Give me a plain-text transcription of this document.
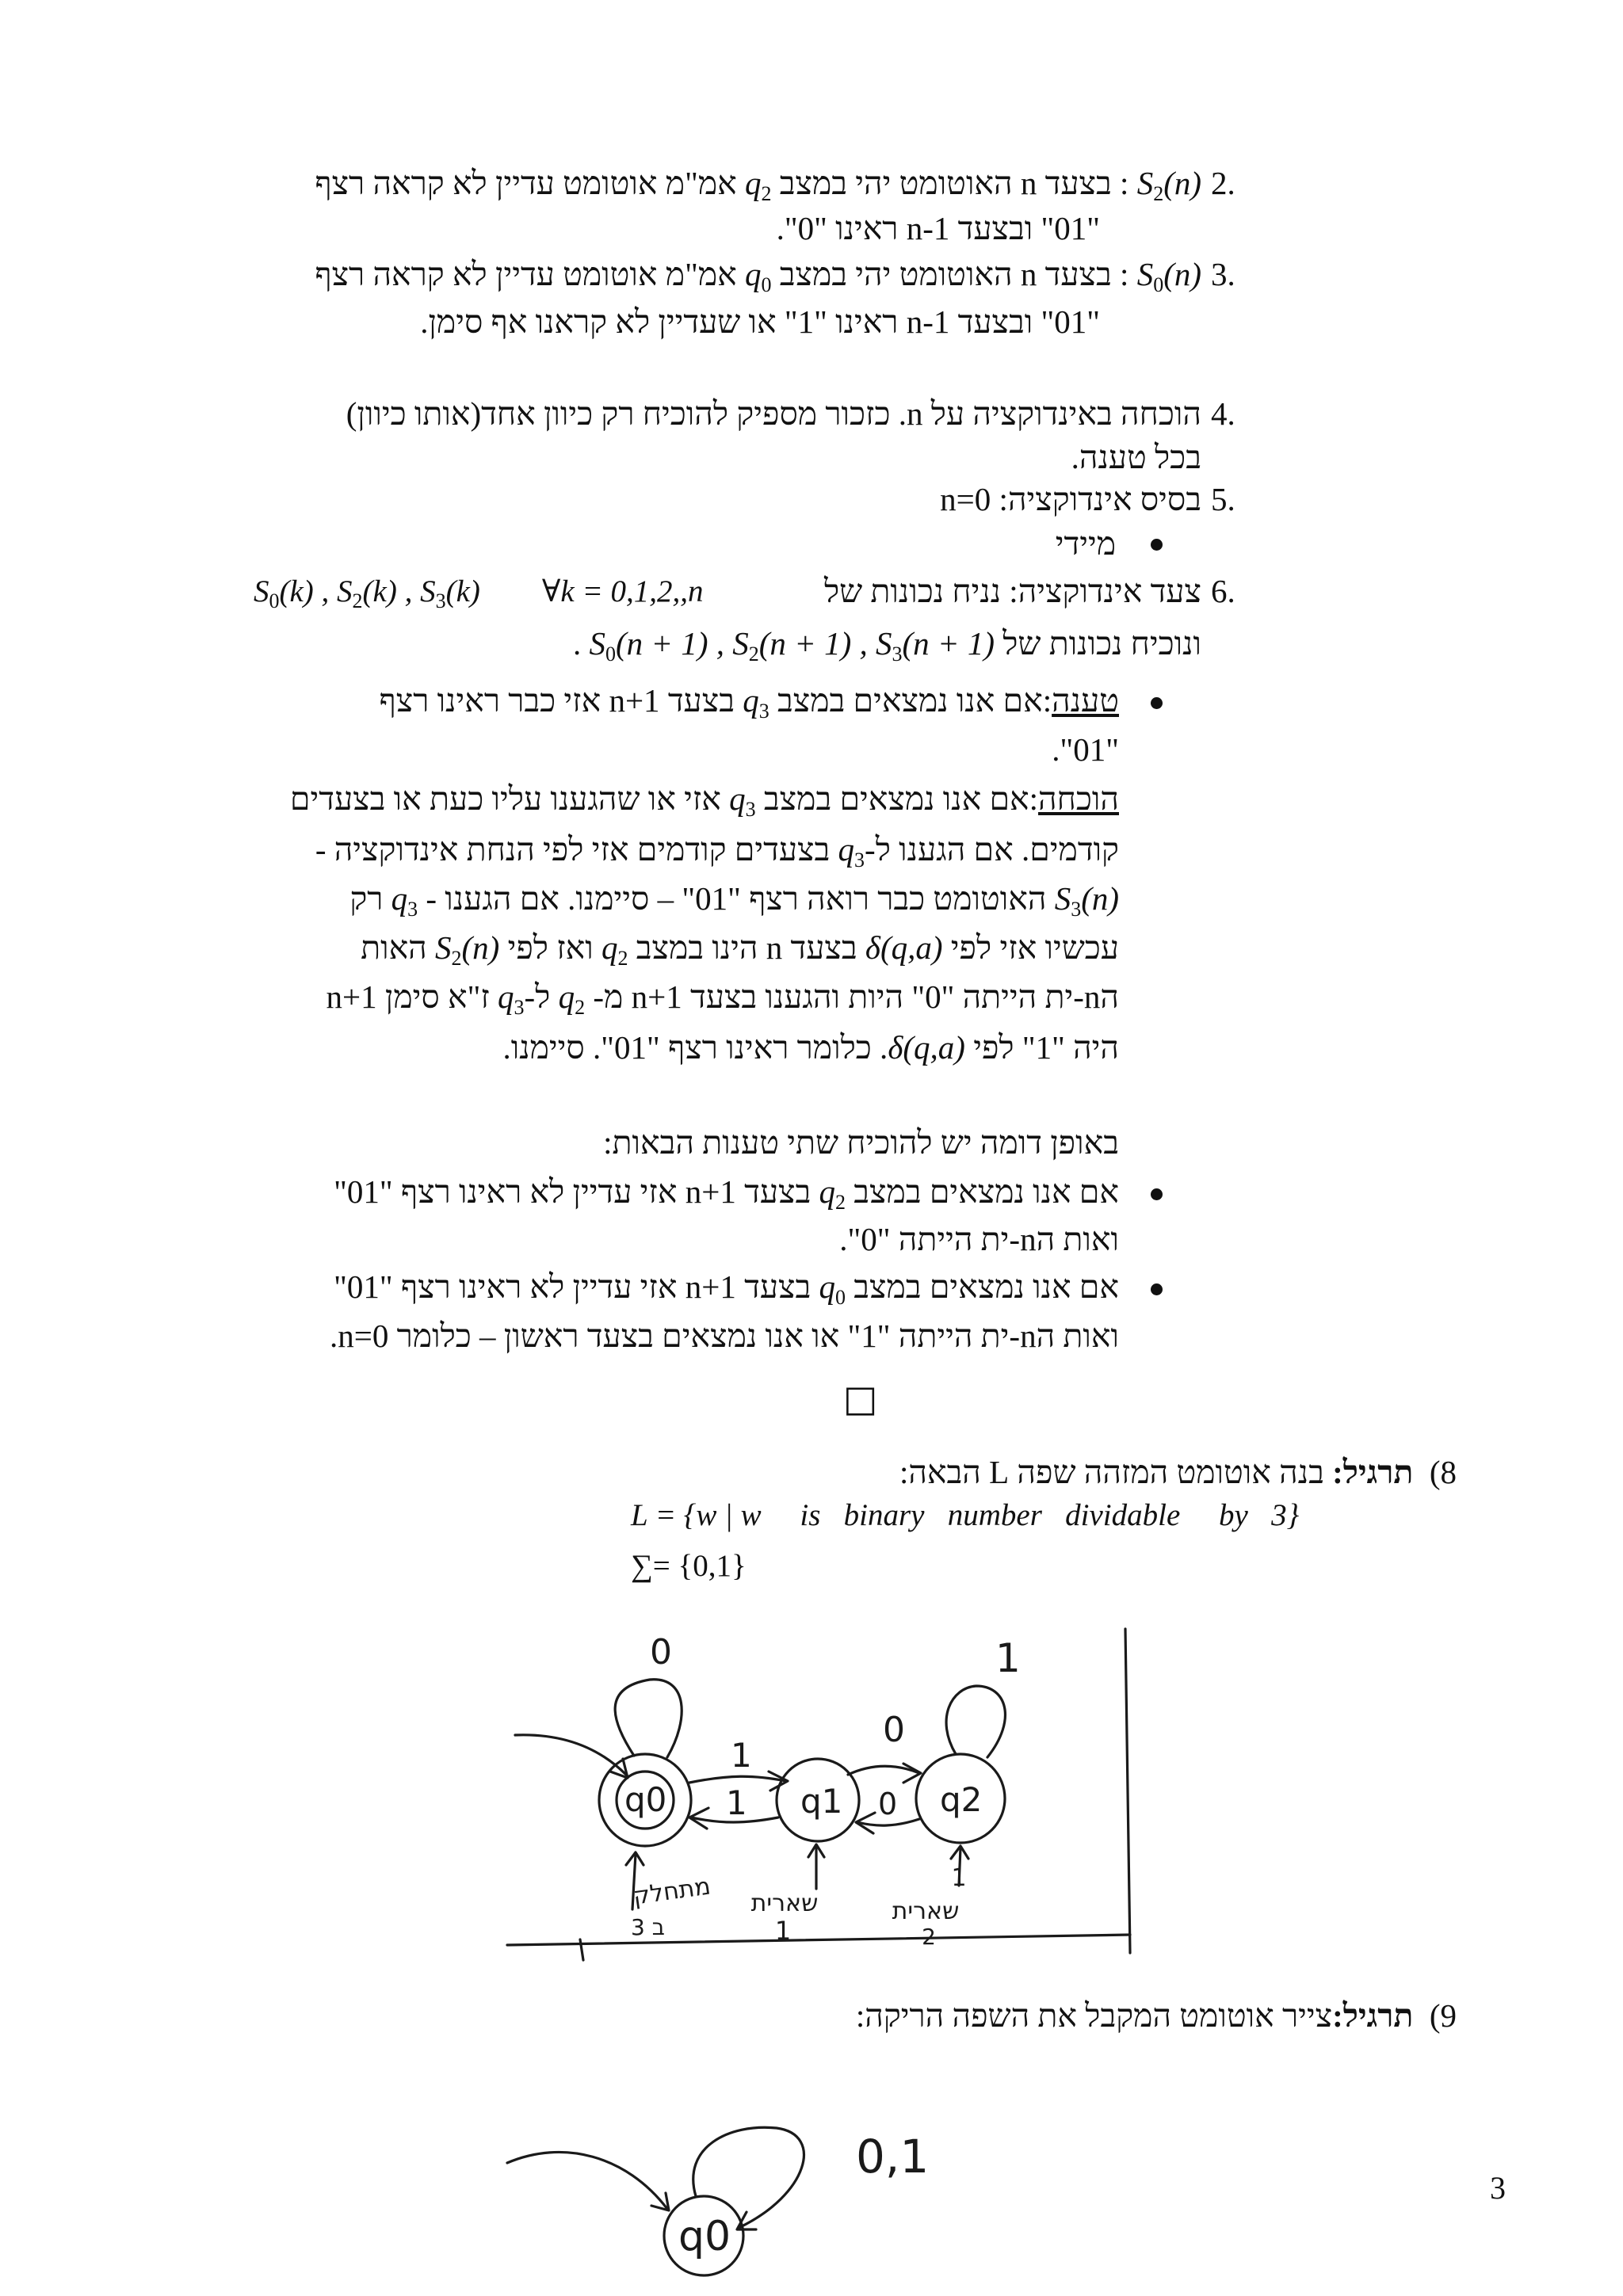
2.
$S_2(n)$ : בצעד n האוטומט יהי במצב $q_2$ אמ"מ אוטומט עדיין לא קראה רצף
"01" ובצעד n-1 ראינו "0".
3.
$S_0(n)$ : בצעד n האוטומט יהי במצב $q_0$ אמ"מ אוטומט עדיין לא קראה רצף
"01" ובצעד n-1 ראינו "1" או שעדיין לא קראנו אף סימן.
4.
הוכחה באינדוקציה על n. כזכור מספיק להוכיח רק כיוון אחד(אותו כיוון)
בכל טענה.
5.
בסיס אינדוקציה: n=0
מיידי
6.
צעד אינדוקציה: נניח נכונות של
$S_0(k)$ , $S_2(k)$ , $S_3(k)$        ∀k = 0,1,2,,n
ונוכיח נכונות של $S_0(n + 1)$ , $S_2(n + 1)$ , $S_3(n + 1)$ .
טענה:אם אנו נמצאים במצב $q_3$ בצעד n+1 אזי כבר ראינו רצף
"01".
הוכחה:אם אנו נמצאים במצב $q_3$ אזי או שהגענו עליו כעת או בצעדים
קודמים. אם הגענו $ל-q_3$ בצעדים קודמים אזי לפי הנחת אינדוקציה -
$S_3(n)$ האוטומט כבר רואה רצף "01" – סיימנו. אם הגענו - $q_3$ רק
עכשיו אזי לפי δ(q,a) בצעד n הינו במצב $q_2$ ואז לפי $S_2(n)$ האות
הn-ית הייתה "0" היות והגענו בצעד n+1 מ- $q_2$ $ל-q_3$ ז"א סימן n+1
היה "1" לפי δ(q,a). כלומר ראינו רצף "01". סיימנו.
באופן דומה יש להוכיח שתי טענות הבאות:
אם אנו נמצאים במצב $q_2$ בצעד n+1 אזי עדיין לא ראינו רצף "01"
ואות הn-ית הייתה "0".
אם אנו נמצאים במצב $q_0$ בצעד n+1 אזי עדיין לא ראינו רצף "01"
ואות הn-ית הייתה "1" או אנו נמצאים בצעד ראשון – כלומר n=0.
□
8)  תרגיל: בנה אוטומט המזהה שפה L הבאה:
L = {w | w     is   binary   number   dividable     by   3}
∑= {0,1}
q0
0
q1	q2
1
1
1
0
0
מתחלק
ב 3
שארית
1
שארית
2
1
9)  תרגיל:צייר אוטומט המקבל את השפה הריקה:
q0
0,1
3
